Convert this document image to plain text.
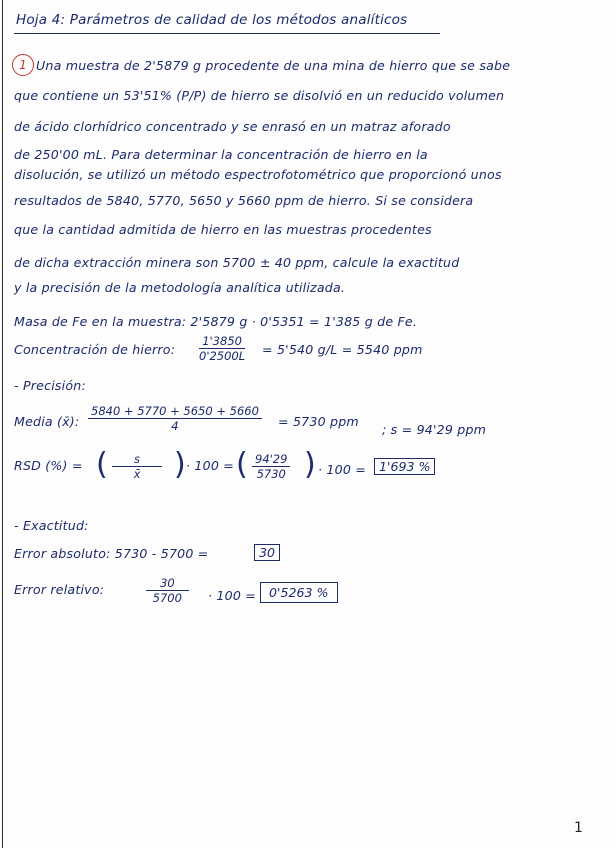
Hoja 4: Parámetros de calidad de los métodos analíticos
1 Una muestra de 2'5879 g procedente de una mina de hierro que se sabe
que contiene un 53'51% (P/P) de hierro se disolvió en un reducido volumen
de ácido clorhídrico concentrado y se enrasó en un matraz aforado
de 250'00 mL. Para determinar la concentración de hierro en la
disolución, se utilizó un método espectrofotométrico que proporcionó unos
resultados de 5840, 5770, 5650 y 5660 ppm de hierro. Si se considera
que la cantidad admitida de hierro en las muestras procedentes
de dicha extracción minera son 5700 ± 40 ppm, calcule la exactitud
y la precisión de la metodología analítica utilizada.
Masa de Fe en la muestra: 2'5879 g · 0'5351 = 1'385 g de Fe.
Concentración de hierro: $\frac{1'3850}{0'2500L} = 5'540$ g/L = 5540 ppm
- Precisión:
Media (x̄): $\frac{5840 + 5770 + 5650 + 5660}{4} = 5730$ ppm
; s = 94'29 ppm
RSD (%) = ( $\frac{s}{x̄}$ ) · 100 = ( $\frac{94'29}{5730}$ ) · 100 =	1'693 %
- Exactitud:
Error absoluto: 5730 - 5700 =	30
Error relativo:	$\frac{30}{5700} \cdot 100$ =	0'5263 %
1
